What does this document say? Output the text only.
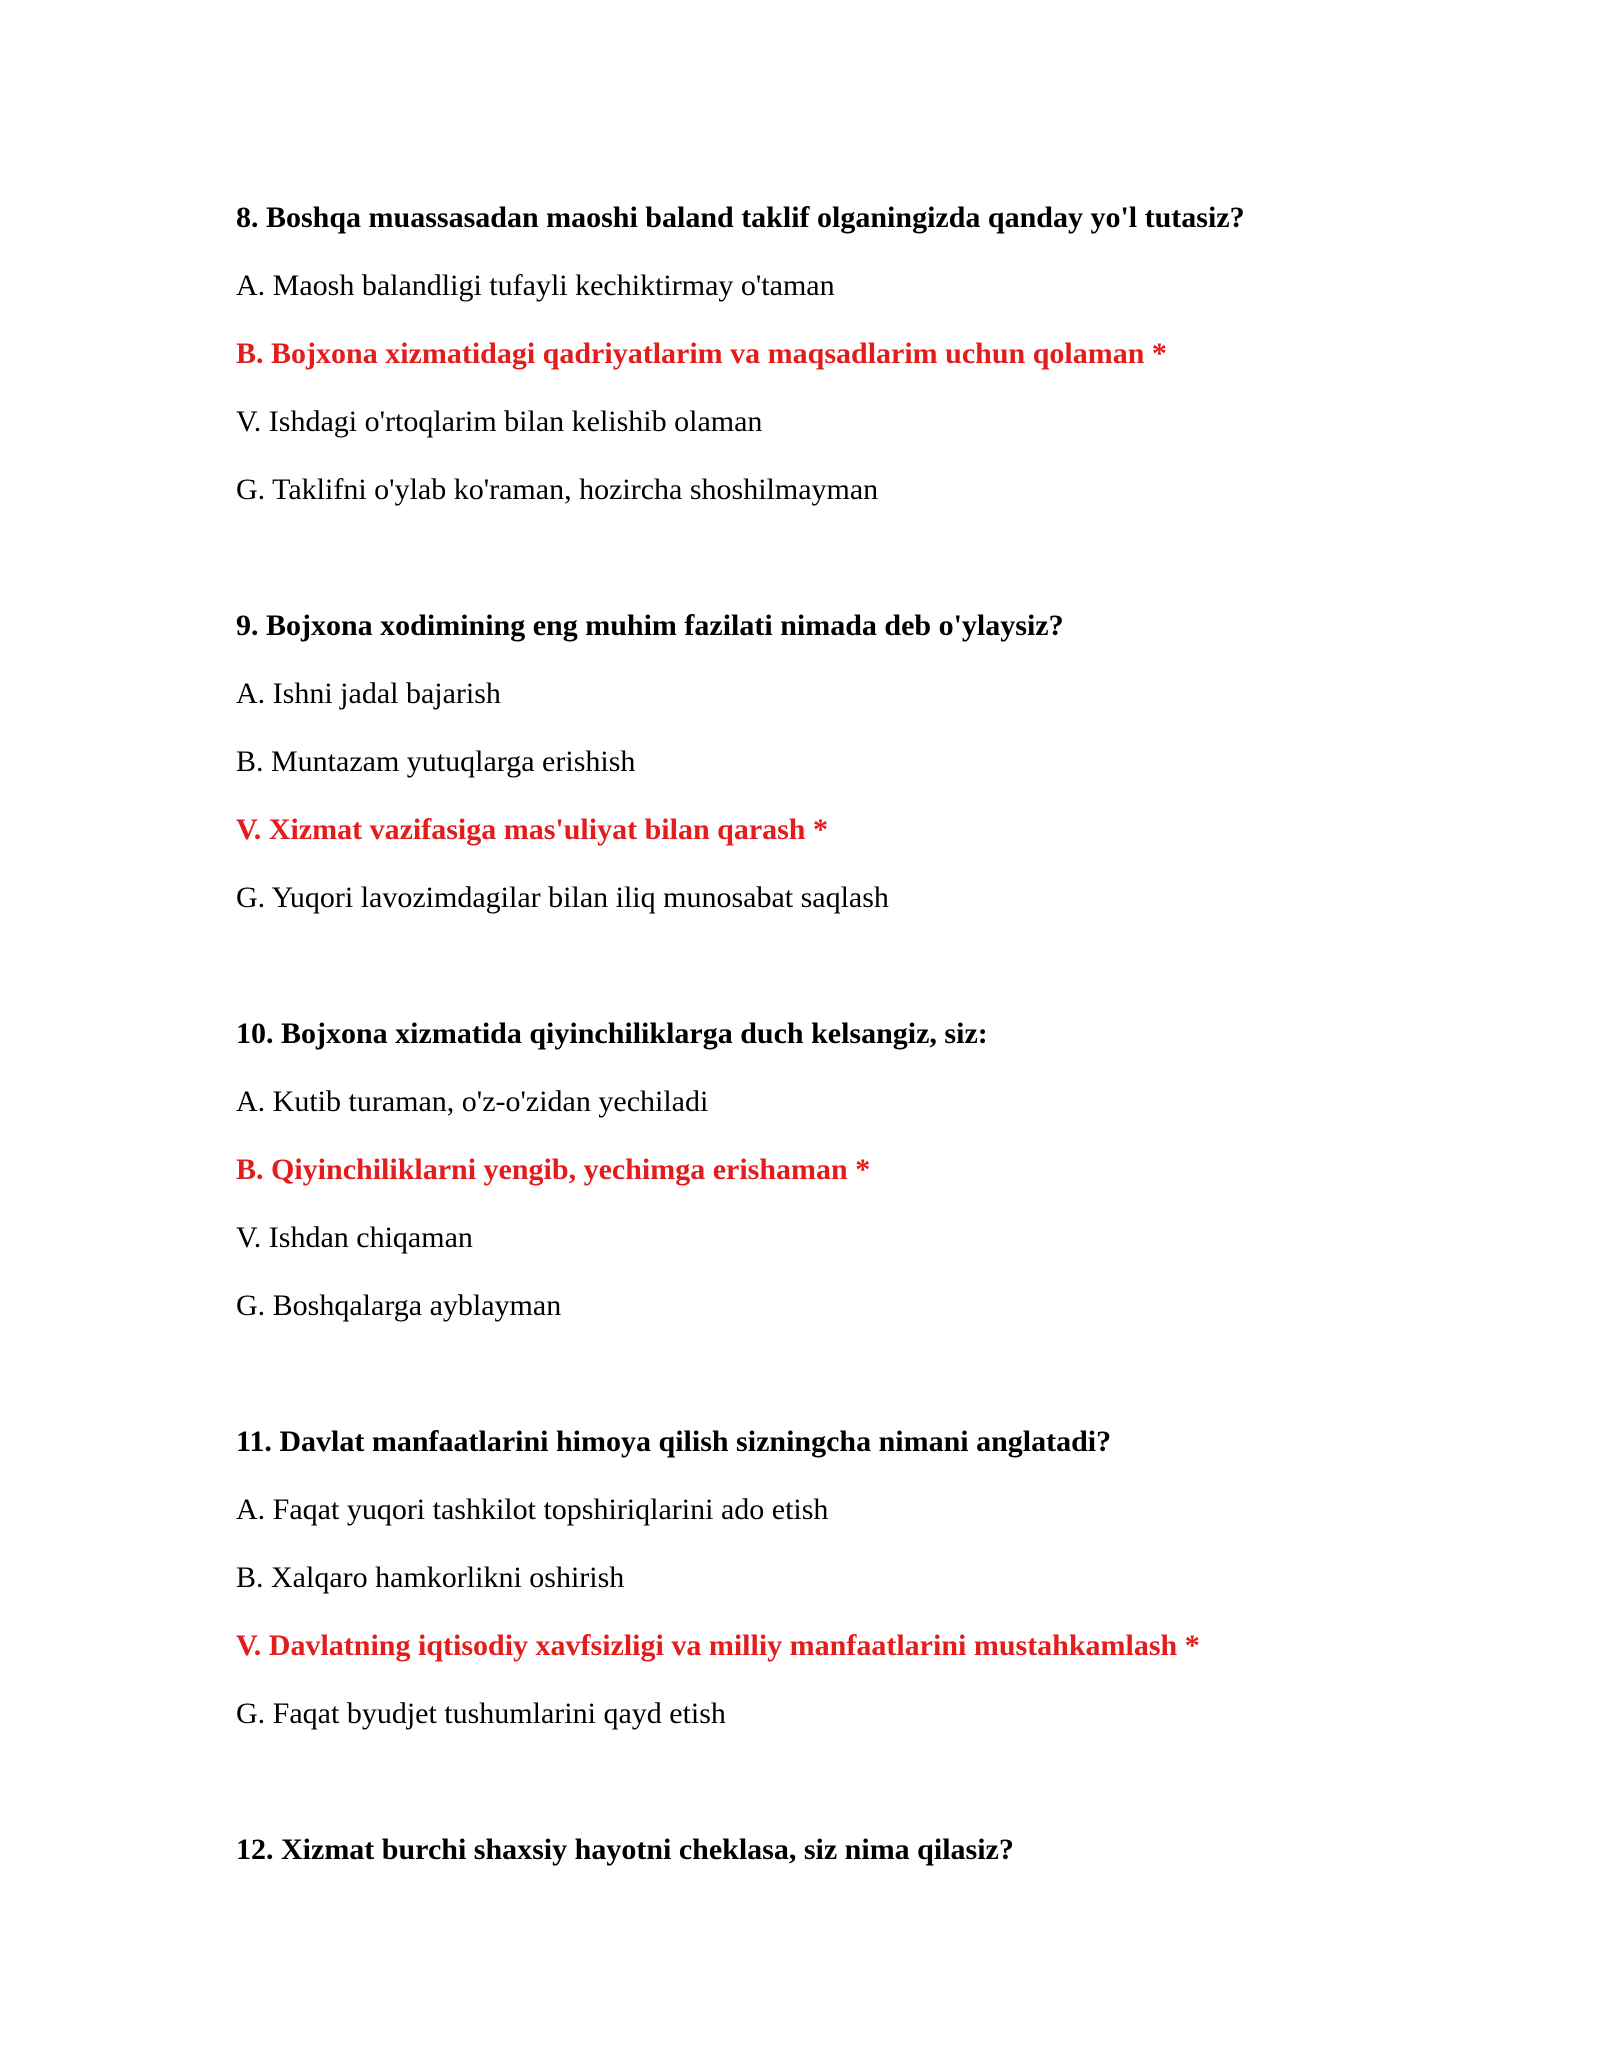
8. Boshqa muassasadan maoshi baland taklif olganingizda qanday yo'l tutasiz?
A. Maosh balandligi tufayli kechiktirmay o'taman
B. Bojxona xizmatidagi qadriyatlarim va maqsadlarim uchun qolaman *
V. Ishdagi o'rtoqlarim bilan kelishib olaman
G. Taklifni o'ylab ko'raman, hozircha shoshilmayman
9. Bojxona xodimining eng muhim fazilati nimada deb o'ylaysiz?
A. Ishni jadal bajarish
B. Muntazam yutuqlarga erishish
V. Xizmat vazifasiga mas'uliyat bilan qarash *
G. Yuqori lavozimdagilar bilan iliq munosabat saqlash
10. Bojxona xizmatida qiyinchiliklarga duch kelsangiz, siz:
A. Kutib turaman, o'z-o'zidan yechiladi
B. Qiyinchiliklarni yengib, yechimga erishaman *
V. Ishdan chiqaman
G. Boshqalarga ayblayman
11. Davlat manfaatlarini himoya qilish sizningcha nimani anglatadi?
A. Faqat yuqori tashkilot topshiriqlarini ado etish
B. Xalqaro hamkorlikni oshirish
V. Davlatning iqtisodiy xavfsizligi va milliy manfaatlarini mustahkamlash *
G. Faqat byudjet tushumlarini qayd etish
12. Xizmat burchi shaxsiy hayotni cheklasa, siz nima qilasiz?
